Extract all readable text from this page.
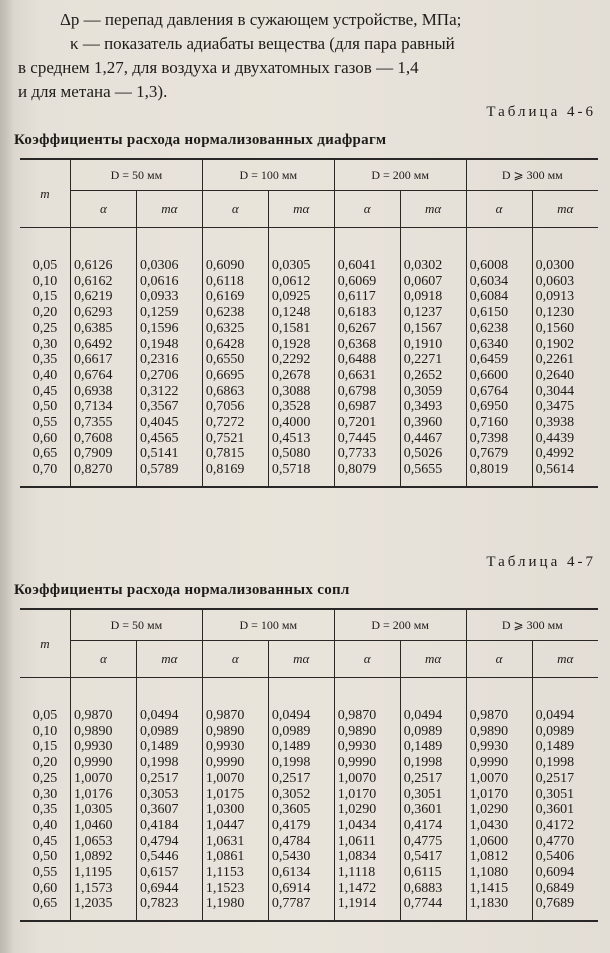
Δp — перепад давления в сужающем устройстве, МПа;

κ — показатель адиабаты вещества (для пара равный

в среднем 1,27, для воздуха и двухатомных газов — 1,4

и для метана — 1,3).

Таблица 4-6
Коэффициенты расхода нормализованных диафрагм
m	D = 50 мм		D = 100 мм		D = 200 мм		D ⩾ 300 мм	
	α	mα	α	mα	α	mα	α	mα

0,05	0,6126	0,0306	0,6090	0,0305	0,6041	0,0302	0,6008	0,0300
0,10	0,6162	0,0616	0,6118	0,0612	0,6069	0,0607	0,6034	0,0603
0,15	0,6219	0,0933	0,6169	0,0925	0,6117	0,0918	0,6084	0,0913
0,20	0,6293	0,1259	0,6238	0,1248	0,6183	0,1237	0,6150	0,1230
0,25	0,6385	0,1596	0,6325	0,1581	0,6267	0,1567	0,6238	0,1560
0,30	0,6492	0,1948	0,6428	0,1928	0,6368	0,1910	0,6340	0,1902
0,35	0,6617	0,2316	0,6550	0,2292	0,6488	0,2271	0,6459	0,2261
0,40	0,6764	0,2706	0,6695	0,2678	0,6631	0,2652	0,6600	0,2640
0,45	0,6938	0,3122	0,6863	0,3088	0,6798	0,3059	0,6764	0,3044
0,50	0,7134	0,3567	0,7056	0,3528	0,6987	0,3493	0,6950	0,3475
0,55	0,7355	0,4045	0,7272	0,4000	0,7201	0,3960	0,7160	0,3938
0,60	0,7608	0,4565	0,7521	0,4513	0,7445	0,4467	0,7398	0,4439
0,65	0,7909	0,5141	0,7815	0,5080	0,7733	0,5026	0,7679	0,4992
0,70	0,8270	0,5789	0,8169	0,5718	0,8079	0,5655	0,8019	0,5614
Таблица 4-7
Коэффициенты расхода нормализованных сопл
m	D = 50 мм		D = 100 мм		D = 200 мм		D ⩾ 300 мм	
	α	mα	α	mα	α	mα	α	mα

0,05	0,9870	0,0494	0,9870	0,0494	0,9870	0,0494	0,9870	0,0494
0,10	0,9890	0,0989	0,9890	0,0989	0,9890	0,0989	0,9890	0,0989
0,15	0,9930	0,1489	0,9930	0,1489	0,9930	0,1489	0,9930	0,1489
0,20	0,9990	0,1998	0,9990	0,1998	0,9990	0,1998	0,9990	0,1998
0,25	1,0070	0,2517	1,0070	0,2517	1,0070	0,2517	1,0070	0,2517
0,30	1,0176	0,3053	1,0175	0,3052	1,0170	0,3051	1,0170	0,3051
0,35	1,0305	0,3607	1,0300	0,3605	1,0290	0,3601	1,0290	0,3601
0,40	1,0460	0,4184	1,0447	0,4179	1,0434	0,4174	1,0430	0,4172
0,45	1,0653	0,4794	1,0631	0,4784	1,0611	0,4775	1,0600	0,4770
0,50	1,0892	0,5446	1,0861	0,5430	1,0834	0,5417	1,0812	0,5406
0,55	1,1195	0,6157	1,1153	0,6134	1,1118	0,6115	1,1080	0,6094
0,60	1,1573	0,6944	1,1523	0,6914	1,1472	0,6883	1,1415	0,6849
0,65	1,2035	0,7823	1,1980	0,7787	1,1914	0,7744	1,1830	0,7689
